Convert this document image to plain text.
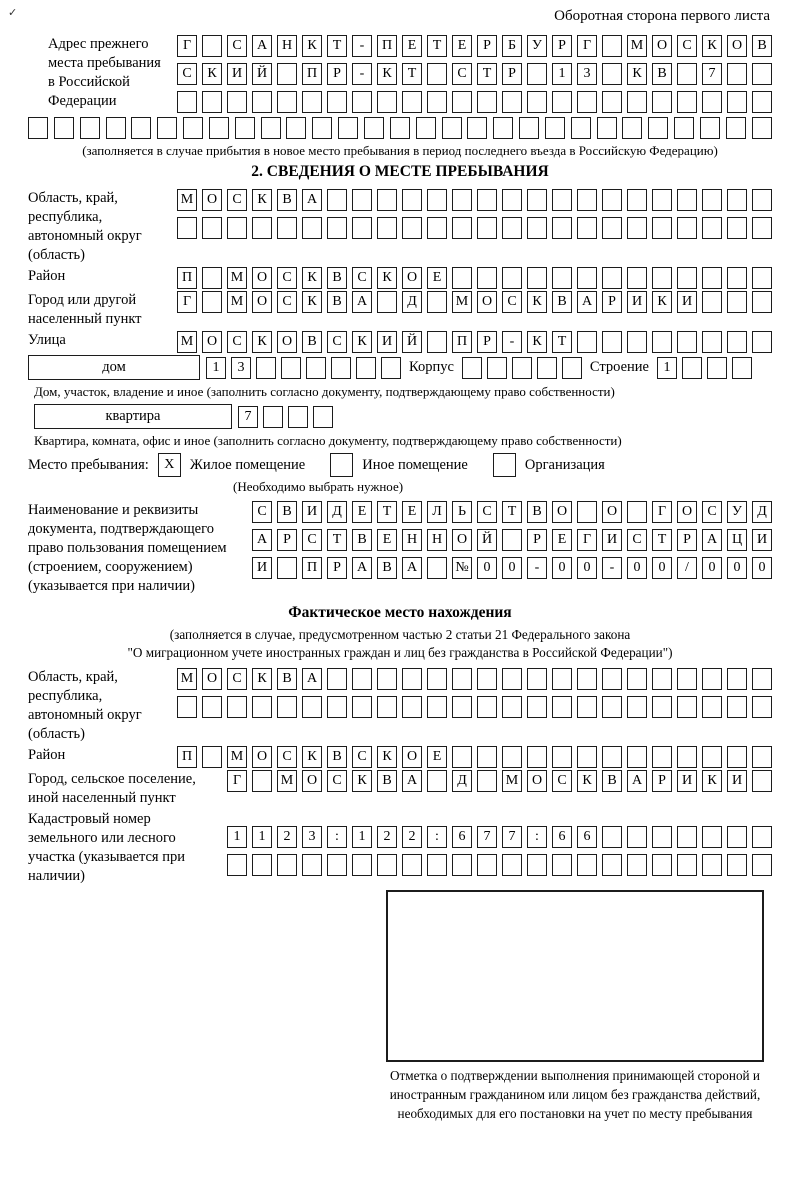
✓	Оборотная сторона первого листа
Адрес прежнего места пребывания в Российской Федерации
Г	С	А	Н	К	Т	-	П	Е	Т	Е	Р	Б	У	Р	Г	М О	С	К	О	В
С	К	И	Й	П	Р	-	К	Т	С	Т	Р	1	3	К	В	7
(заполняется в случае прибытия в новое место пребывания в период последнего въезда в Российскую Федерацию)
2. СВЕДЕНИЯ О МЕСТЕ ПРЕБЫВАНИЯ
Область, край, республика, автономный округ (область)
М О	С	К	В	А
Район	П	М О	С	К	В	С	К	О	Е
Город или другой населенный пункт
Г	М О	С	К	В	А	Д	М О	С	К	В	А	Р	И	К	И
Улица	М О	С	К	О	В	С	К	И	Й	П	Р	-	К	Т
дом	1	3	Корпус	Строение	1
Дом, участок, владение и иное (заполнить согласно документу, подтверждающему право собственности)
квартира	7
Квартира, комната, офис и иное (заполнить согласно документу, подтверждающему право собственности)
Место пребывания:	X	Жилое помещение	Иное помещение	Организация
(Необходимо выбрать нужное)
Наименование и реквизиты документа, подтверждающего право пользования помещением (строением, сооружением) (указывается при наличии)
С	В	И	Д	Е	Т	Е	Л	Ь	С	Т	В	О	О	Г	О	С	У	Д
А	Р	С	Т	В	Е	Н	Н	О	Й	Р	Е	Г	И	С	Т	Р	А	Ц	И
И	П	Р	А	В	А	№	0	0	-	0	0	-	0	0	/	0	0	0
Фактическое место нахождения
(заполняется в случае, предусмотренном частью 2 статьи 21 Федерального закона
"О миграционном учете иностранных граждан и лиц без гражданства в Российской Федерации")
Область, край, республика, автономный округ (область)
М О	С	К	В	А
Район	П	М О	С	К	В	С	К	О	Е
Город, сельское поселение, иной населенный пункт
Г	М О	С	К	В	А	Д	М О	С	К	В	А	Р	И	К	И
Кадастровый номер земельного или лесного участка (указывается при наличии)
1	1	2	3	:	1	2	2	:	6	7	7	:	6	6
Отметка о подтверждении выполнения принимающей стороной и иностранным гражданином или лицом без гражданства действий, необходимых для его постановки на учет по месту пребывания
